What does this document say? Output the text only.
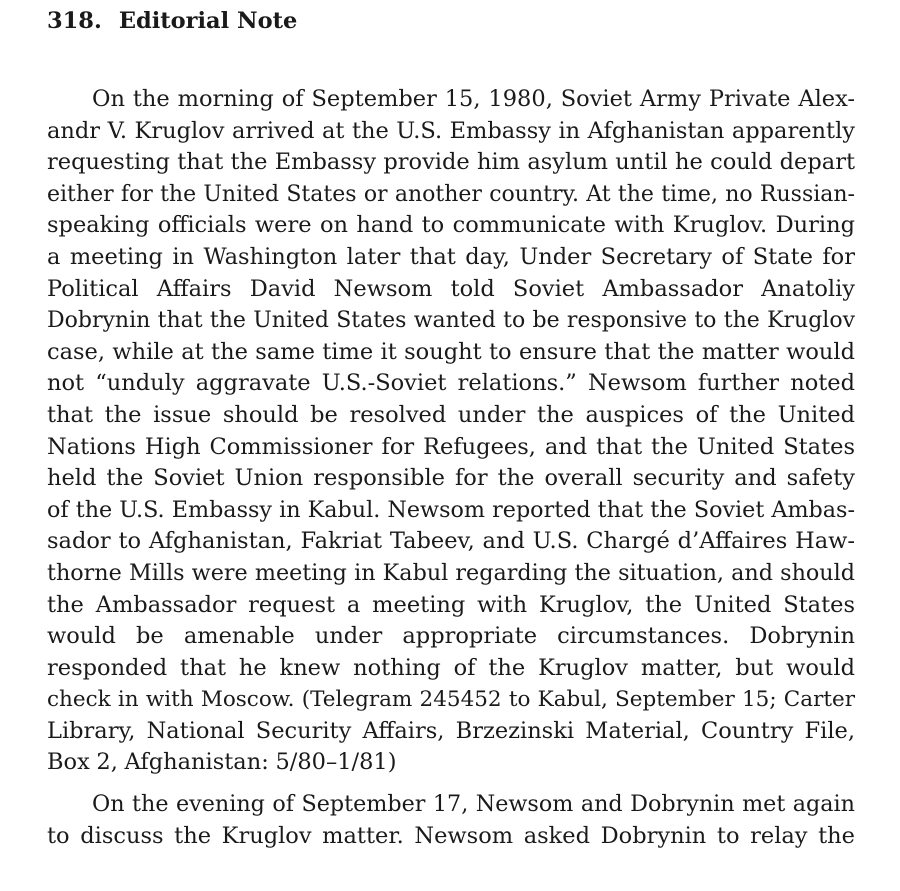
318. Editorial Note
On the morning of September 15, 1980, Soviet Army Private Alex-
andr V. Kruglov arrived at the U.S. Embassy in Afghanistan apparently
requesting that the Embassy provide him asylum until he could depart
either for the United States or another country. At the time, no Russian-
speaking officials were on hand to communicate with Kruglov. During
a meeting in Washington later that day, Under Secretary of State for
Political Affairs David Newsom told Soviet Ambassador Anatoliy
Dobrynin that the United States wanted to be responsive to the Kruglov
case, while at the same time it sought to ensure that the matter would
not “unduly aggravate U.S.-Soviet relations.” Newsom further noted
that the issue should be resolved under the auspices of the United
Nations High Commissioner for Refugees, and that the United States
held the Soviet Union responsible for the overall security and safety
of the U.S. Embassy in Kabul. Newsom reported that the Soviet Ambas-
sador to Afghanistan, Fakriat Tabeev, and U.S. Chargé d’Affaires Haw-
thorne Mills were meeting in Kabul regarding the situation, and should
the Ambassador request a meeting with Kruglov, the United States
would be amenable under appropriate circumstances. Dobrynin
responded that he knew nothing of the Kruglov matter, but would
check in with Moscow. (Telegram 245452 to Kabul, September 15; Carter
Library, National Security Affairs, Brzezinski Material, Country File,
Box 2, Afghanistan: 5/80–1/81)
On the evening of September 17, Newsom and Dobrynin met again
to discuss the Kruglov matter. Newsom asked Dobrynin to relay the
